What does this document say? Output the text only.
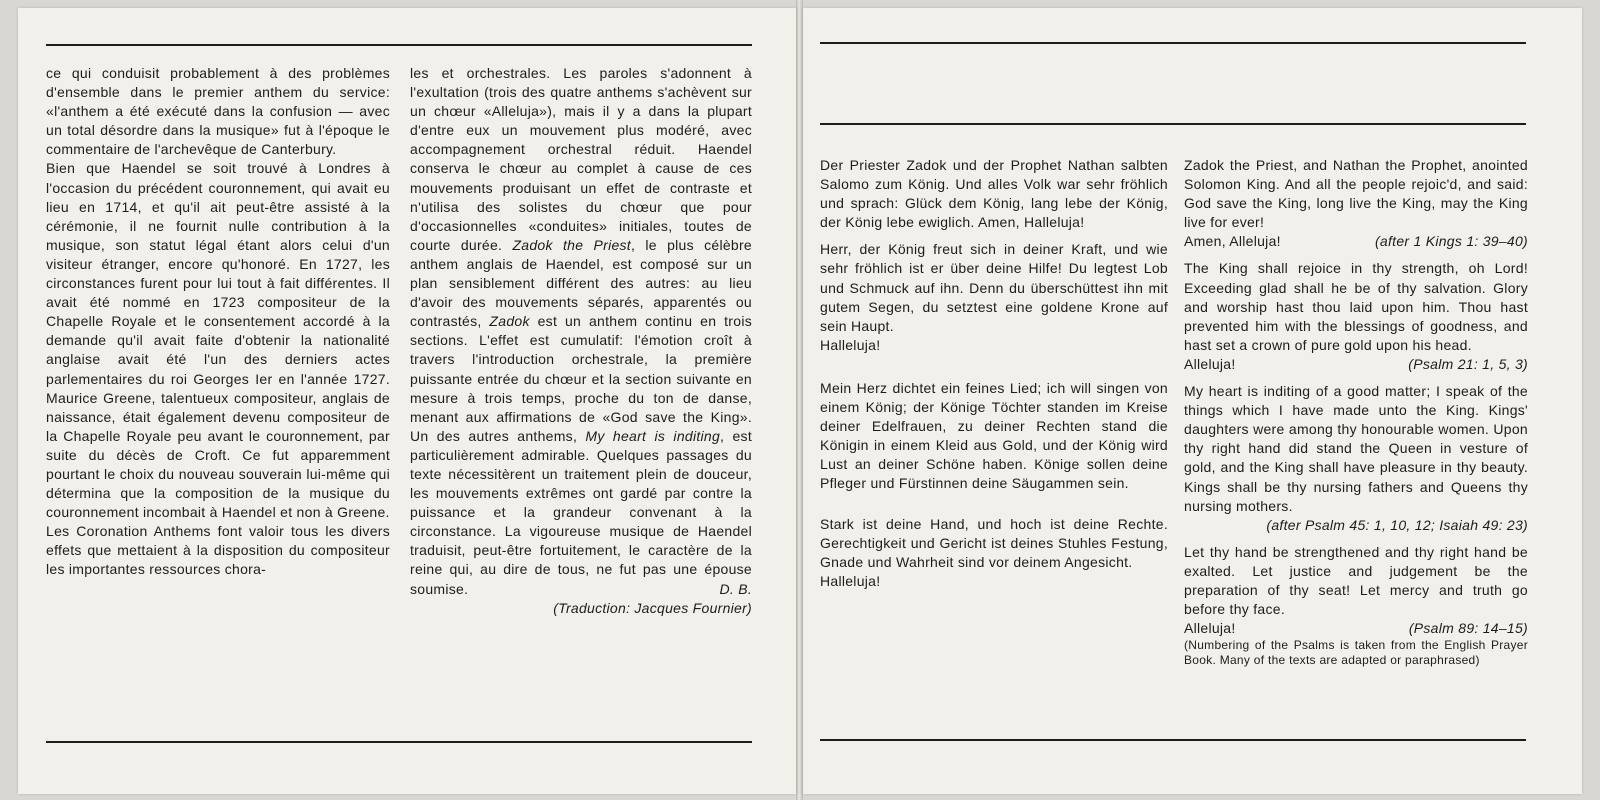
ce qui conduisit probablement à des problèmes d'ensemble dans le premier anthem du service: «l'anthem a été exécuté dans la confusion — avec un total désordre dans la musique» fut à l'époque le commentaire de l'archevêque de Canterbury.

Bien que Haendel se soit trouvé à Londres à l'occasion du précédent couronnement, qui avait eu lieu en 1714, et qu'il ait peut-être assisté à la cérémonie, il ne fournit nulle contribution à la musique, son statut légal étant alors celui d'un visiteur étranger, encore qu'honoré. En 1727, les circonstances furent pour lui tout à fait différentes. Il avait été nommé en 1723 compositeur de la Chapelle Royale et le consentement accordé à la demande qu'il avait faite d'obtenir la nationalité anglaise avait été l'un des derniers actes parlementaires du roi Georges Ier en l'année 1727. Maurice Greene, talentueux compositeur, anglais de naissance, était également devenu compositeur de la Chapelle Royale peu avant le couronnement, par suite du décès de Croft. Ce fut apparemment pourtant le choix du nouveau souverain lui-même qui détermina que la composition de la musique du couronnement incombait à Haendel et non à Greene.

Les Coronation Anthems font valoir tous les divers effets que mettaient à la disposition du compositeur les importantes ressources chora-

les et orchestrales. Les paroles s'adonnent à l'exultation (trois des quatre anthems s'achèvent sur un chœur «Alleluja»), mais il y a dans la plupart d'entre eux un mouvement plus modéré, avec accompagnement orchestral réduit. Haendel conserva le chœur au complet à cause de ces mouvements produisant un effet de contraste et n'utilisa des solistes du chœur que pour d'occasionnelles «conduites» initiales, toutes de courte durée. Zadok the Priest, le plus célèbre anthem anglais de Haendel, est composé sur un plan sensiblement différent des autres: au lieu d'avoir des mouvements séparés, apparentés ou contrastés, Zadok est un anthem continu en trois sections. L'effet est cumulatif: l'émotion croît à travers l'introduction orchestrale, la première puissante entrée du chœur et la section suivante en mesure à trois temps, proche du ton de danse, menant aux affirmations de «God save the King». Un des autres anthems, My heart is inditing, est particulièrement admirable. Quelques passages du texte nécessitèrent un traitement plein de douceur, les mouvements extrêmes ont gardé par contre la puissance et la grandeur convenant à la circonstance. La vigoureuse musique de Haendel traduisit, peut-être fortuitement, le caractère de la reine qui, au dire de tous, ne fut pas une épouse soumise.	D. B.

(Traduction: Jacques Fournier)

Der Priester Zadok und der Prophet Nathan salbten Salomo zum König. Und alles Volk war sehr fröhlich und sprach: Glück dem König, lang lebe der König, der König lebe ewiglich. Amen, Halleluja!

Herr, der König freut sich in deiner Kraft, und wie sehr fröhlich ist er über deine Hilfe! Du legtest Lob und Schmuck auf ihn. Denn du überschüttest ihn mit gutem Segen, du setztest eine goldene Krone auf sein Haupt.

Halleluja!

Mein Herz dichtet ein feines Lied; ich will singen von einem König; der Könige Töchter standen im Kreise deiner Edelfrauen, zu deiner Rechten stand die Königin in einem Kleid aus Gold, und der König wird Lust an deiner Schöne haben. Könige sollen deine Pfleger und Fürstinnen deine Säugammen sein.

Stark ist deine Hand, und hoch ist deine Rechte. Gerechtigkeit und Gericht ist deines Stuhles Festung, Gnade und Wahrheit sind vor deinem Angesicht.

Halleluja!

Zadok the Priest, and Nathan the Prophet, anointed Solomon King. And all the people rejoic'd, and said: God save the King, long live the King, may the King live for ever!

Amen, Alleluja!	(after 1 Kings 1: 39–40)

The King shall rejoice in thy strength, oh Lord! Exceeding glad shall he be of thy salvation. Glory and worship hast thou laid upon him. Thou hast prevented him with the blessings of goodness, and hast set a crown of pure gold upon his head.

Alleluja!	(Psalm 21: 1, 5, 3)

My heart is inditing of a good matter; I speak of the things which I have made unto the King. Kings' daughters were among thy honourable women. Upon thy right hand did stand the Queen in vesture of gold, and the King shall have pleasure in thy beauty. Kings shall be thy nursing fathers and Queens thy nursing mothers.

(after Psalm 45: 1, 10, 12; Isaiah 49: 23)

Let thy hand be strengthened and thy right hand be exalted. Let justice and judgement be the preparation of thy seat! Let mercy and truth go before thy face.

Alleluja!	(Psalm 89: 14–15)

(Numbering of the Psalms is taken from the English Prayer Book. Many of the texts are adapted or paraphrased)
